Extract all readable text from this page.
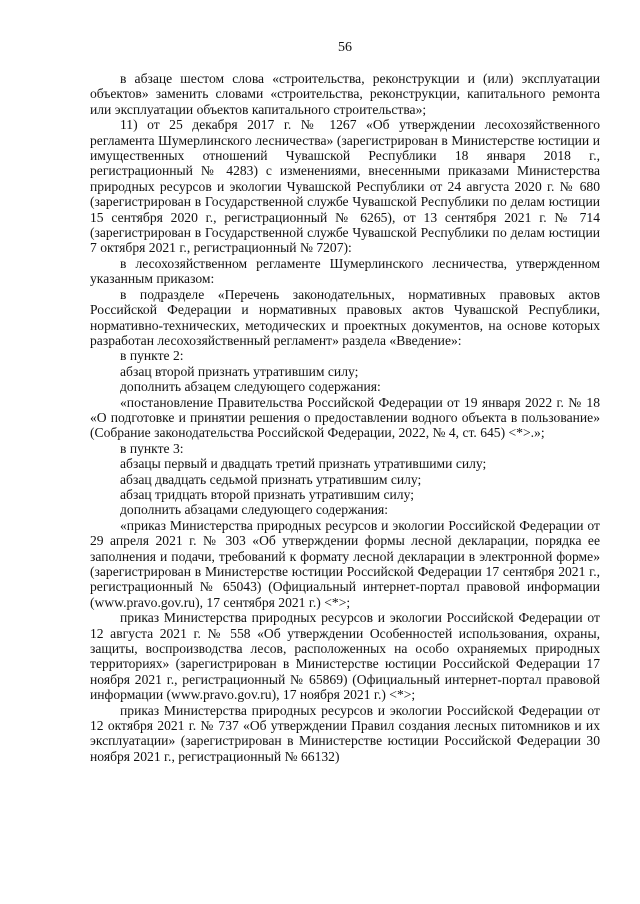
56

в абзаце шестом слова «строительства, реконструкции и (или) эксплуатации объектов» заменить словами «строительства, реконструкции, капитального ремонта или эксплуатации объектов капитального строительства»;

11) от 25 декабря 2017 г. № 1267 «Об утверждении лесохозяйственного регламента Шумерлинского лесничества» (зарегистрирован в Министерстве юстиции и имущественных отношений Чувашской Республики 18 января 2018 г., регистрационный № 4283) с изменениями, внесенными приказами Министерства природных ресурсов и экологии Чувашской Республики от 24 августа 2020 г. № 680 (зарегистрирован в Государственной службе Чувашской Республики по делам юстиции 15 сентября 2020 г., регистрационный № 6265), от 13 сентября 2021 г. № 714 (зарегистрирован в Государственной службе Чувашской Республики по делам юстиции 7 октября 2021 г., регистрационный № 7207):

в лесохозяйственном регламенте Шумерлинского лесничества, утвержденном указанным приказом:

в подразделе «Перечень законодательных, нормативных правовых актов Российской Федерации и нормативных правовых актов Чувашской Республики, нормативно-технических, методических и проектных документов, на основе которых разработан лесохозяйственный регламент» раздела «Введение»:

в пункте 2:

абзац второй признать утратившим силу;

дополнить абзацем следующего содержания:

«постановление Правительства Российской Федерации от 19 января 2022 г. № 18 «О подготовке и принятии решения о предоставлении водного объекта в пользование» (Собрание законодательства Российской Федерации, 2022, № 4, ст. 645) <*>.»;

в пункте 3:

абзацы первый и двадцать третий признать утратившими силу;

абзац двадцать седьмой признать утратившим силу;

абзац тридцать второй признать утратившим силу;

дополнить абзацами следующего содержания:

«приказ Министерства природных ресурсов и экологии Российской Федерации от 29 апреля 2021 г. № 303 «Об утверждении формы лесной декларации, порядка ее заполнения и подачи, требований к формату лесной декларации в электронной форме» (зарегистрирован в Министерстве юстиции Российской Федерации 17 сентября 2021 г., регистрационный № 65043) (Официальный интернет-портал правовой информации (www.pravo.gov.ru), 17 сентября 2021 г.) <*>;

приказ Министерства природных ресурсов и экологии Российской Федерации от 12 августа 2021 г. № 558 «Об утверждении Особенностей использования, охраны, защиты, воспроизводства лесов, расположенных на особо охраняемых природных территориях» (зарегистрирован в Министерстве юстиции Российской Федерации 17 ноября 2021 г., регистрационный № 65869) (Официальный интернет-портал правовой информации (www.pravo.gov.ru), 17 ноября 2021 г.) <*>;

приказ Министерства природных ресурсов и экологии Российской Федерации от 12 октября 2021 г. № 737 «Об утверждении Правил создания лесных питомников и их эксплуатации» (зарегистрирован в Министерстве юстиции Российской Федерации 30 ноября 2021 г., регистрационный № 66132)
